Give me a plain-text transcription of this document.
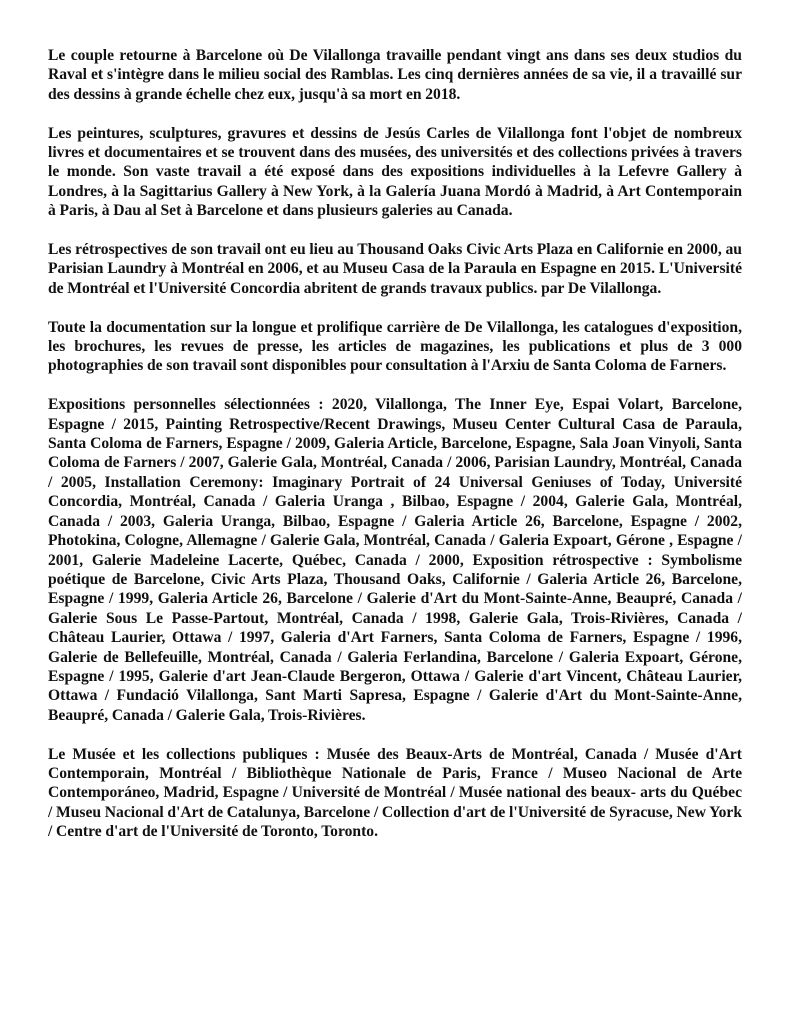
Le couple retourne à Barcelone où De Vilallonga travaille pendant vingt ans dans ses deux studios du Raval et s'intègre dans le milieu social des Ramblas. Les cinq dernières années de sa vie, il a travaillé sur des dessins à grande échelle chez eux, jusqu'à sa mort en 2018.

Les peintures, sculptures, gravures et dessins de Jesús Carles de Vilallonga font l'objet de nombreux livres et documentaires et se trouvent dans des musées, des universités et des collections privées à travers le monde. Son vaste travail a été exposé dans des expositions individuelles à la Lefevre Gallery à Londres, à la Sagittarius Gallery à New York, à la Galería Juana Mordó à Madrid, à Art Contemporain à Paris, à Dau al Set à Barcelone et dans plusieurs galeries au Canada.

Les rétrospectives de son travail ont eu lieu au Thousand Oaks Civic Arts Plaza en Californie en 2000, au Parisian Laundry à Montréal en 2006, et au Museu Casa de la Paraula en Espagne en 2015. L'Université de Montréal et l'Université Concordia abritent de grands travaux publics. par De Vilallonga.

Toute la documentation sur la longue et prolifique carrière de De Vilallonga, les catalogues d'exposition, les brochures, les revues de presse, les articles de magazines, les publications et plus de 3 000 photographies de son travail sont disponibles pour consultation à l'Arxiu de Santa Coloma de Farners.

Expositions personnelles sélectionnées : 2020, Vilallonga, The Inner Eye, Espai Volart, Barcelone, Espagne / 2015, Painting Retrospective/Recent Drawings, Museu Center Cultural Casa de Paraula, Santa Coloma de Farners, Espagne / 2009, Galeria Article, Barcelone, Espagne, Sala Joan Vinyoli, Santa Coloma de Farners / 2007, Galerie Gala, Montréal, Canada / 2006, Parisian Laundry, Montréal, Canada / 2005, Installation Ceremony: Imaginary Portrait of 24 Universal Geniuses of Today, Université Concordia, Montréal, Canada / Galeria Uranga , Bilbao, Espagne / 2004, Galerie Gala, Montréal, Canada / 2003, Galeria Uranga, Bilbao, Espagne / Galeria Article 26, Barcelone, Espagne / 2002, Photokina, Cologne, Allemagne / Galerie Gala, Montréal, Canada / Galeria Expoart, Gérone , Espagne / 2001, Galerie Madeleine Lacerte, Québec, Canada / 2000, Exposition rétrospective : Symbolisme poétique de Barcelone, Civic Arts Plaza, Thousand Oaks, Californie / Galeria Article 26, Barcelone, Espagne / 1999, Galeria Article 26, Barcelone / Galerie d'Art du Mont-Sainte-Anne, Beaupré, Canada / Galerie Sous Le Passe-Partout, Montréal, Canada / 1998, Galerie Gala, Trois-Rivières, Canada / Château Laurier, Ottawa / 1997, Galeria d'Art Farners, Santa Coloma de Farners, Espagne / 1996, Galerie de Bellefeuille, Montréal, Canada / Galeria Ferlandina, Barcelone / Galeria Expoart, Gérone, Espagne / 1995, Galerie d'art Jean-Claude Bergeron, Ottawa / Galerie d'art Vincent, Château Laurier, Ottawa / Fundació Vilallonga, Sant Marti Sapresa, Espagne / Galerie d'Art du Mont-Sainte-Anne, Beaupré, Canada / Galerie Gala, Trois-Rivières.

Le Musée et les collections publiques : Musée des Beaux-Arts de Montréal, Canada / Musée d'Art Contemporain, Montréal / Bibliothèque Nationale de Paris, France / Museo Nacional de Arte Contemporáneo, Madrid, Espagne / Université de Montréal / Musée national des beaux- arts du Québec / Museu Nacional d'Art de Catalunya, Barcelone / Collection d'art de l'Université de Syracuse, New York / Centre d'art de l'Université de Toronto, Toronto.
